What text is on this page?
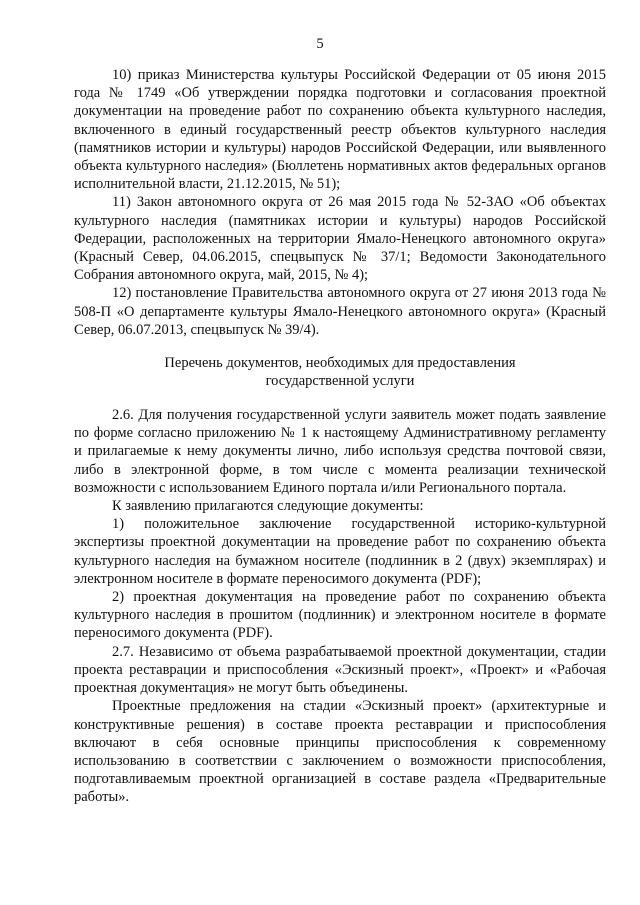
5

10) приказ Министерства культуры Российской Федерации от 05 июня 2015 года № 1749 «Об утверждении порядка подготовки и согласования проектной документации на проведение работ по сохранению объекта культурного наследия, включенного в единый государственный реестр объектов культурного наследия (памятников истории и культуры) народов Российской Федерации, или выявленного объекта культурного наследия» (Бюллетень нормативных актов федеральных органов исполнительной власти, 21.12.2015, № 51);

11) Закон автономного округа от 26 мая 2015 года № 52-ЗАО «Об объектах культурного наследия (памятниках истории и культуры) народов Российской Федерации, расположенных на территории Ямало-Ненецкого автономного округа» (Красный Север, 04.06.2015, спецвыпуск № 37/1; Ведомости Законодательного Собрания автономного округа, май, 2015, № 4);

12) постановление Правительства автономного округа от 27 июня 2013 года № 508-П «О департаменте культуры Ямало-Ненецкого автономного округа» (Красный Север, 06.07.2013, спецвыпуск № 39/4).

Перечень документов, необходимых для предоставления
государственной услуги

2.6. Для получения государственной услуги заявитель может подать заявление по форме согласно приложению № 1 к настоящему Административному регламенту и прилагаемые к нему документы лично, либо используя средства почтовой связи, либо в электронной форме, в том числе с момента реализации технической возможности с использованием Единого портала и/или Регионального портала.

К заявлению прилагаются следующие документы:

1) положительное заключение государственной историко-культурной экспертизы проектной документации на проведение работ по сохранению объекта культурного наследия на бумажном носителе (подлинник в 2 (двух) экземплярах) и электронном носителе в формате переносимого документа (PDF);

2) проектная документация на проведение работ по сохранению объекта культурного наследия в прошитом (подлинник) и электронном носителе в формате переносимого документа (PDF).

2.7. Независимо от объема разрабатываемой проектной документации, стадии проекта реставрации и приспособления «Эскизный проект», «Проект» и «Рабочая проектная документация» не могут быть объединены.

Проектные предложения на стадии «Эскизный проект» (архитектурные и конструктивные решения) в составе проекта реставрации и приспособления включают в себя основные принципы приспособления к современному использованию в соответствии с заключением о возможности приспособления, подготавливаемым проектной организацией в составе раздела «Предварительные работы».
